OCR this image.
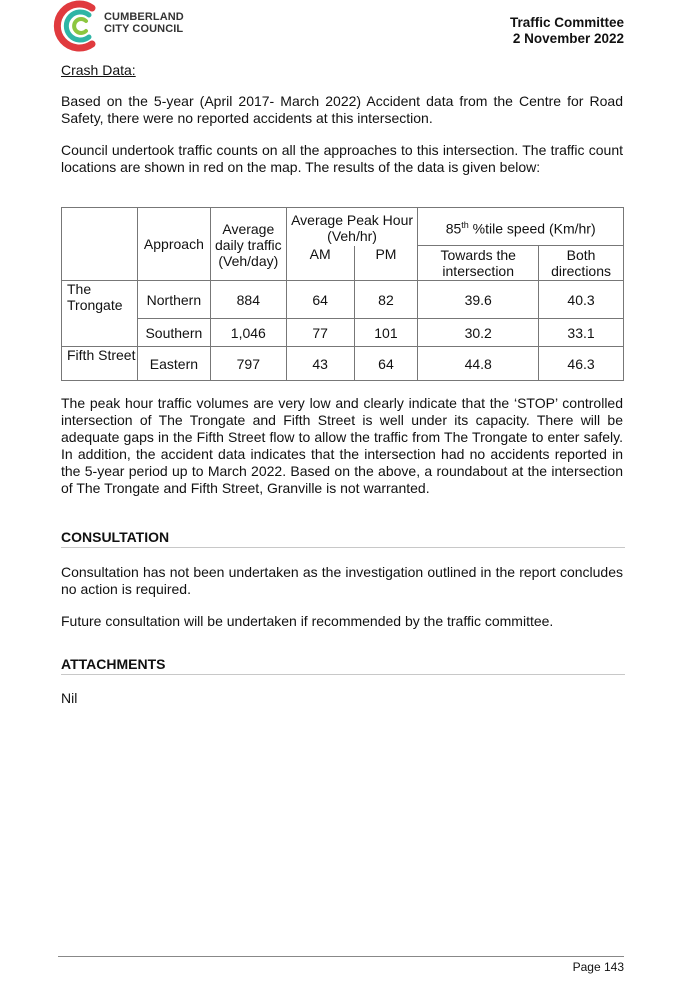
CUMBERLAND
CITY COUNCIL	Traffic Committee
2 November 2022
Crash Data:
Based on the 5-year (April 2017- March 2022) Accident data from the Centre for Road Safety, there were no reported accidents at this intersection.
Council undertook traffic counts on all the approaches to this intersection. The traffic count locations are shown in red on the map. The results of the data is given below:
	Approach	Average daily traffic (Veh/day)	Average Peak Hour (Veh/hr)		85th %tile speed (Km/hr)	
			AM	PM	Towards the intersection	Both directions
The Trongate	Northern	884	64	82	39.6	40.3
	Southern	1,046	77	101	30.2	33.1
Fifth Street	Eastern	797	43	64	44.8	46.3
The peak hour traffic volumes are very low and clearly indicate that the ‘STOP’ controlled intersection of The Trongate and Fifth Street is well under its capacity. There will be adequate gaps in the Fifth Street flow to allow the traffic from The Trongate to enter safely. In addition, the accident data indicates that the intersection had no accidents reported in the 5-year period up to March 2022. Based on the above, a roundabout at the intersection of The Trongate and Fifth Street, Granville is not warranted.
CONSULTATION
Consultation has not been undertaken as the investigation outlined in the report concludes no action is required.
Future consultation will be undertaken if recommended by the traffic committee.
ATTACHMENTS
Nil
Page 143
